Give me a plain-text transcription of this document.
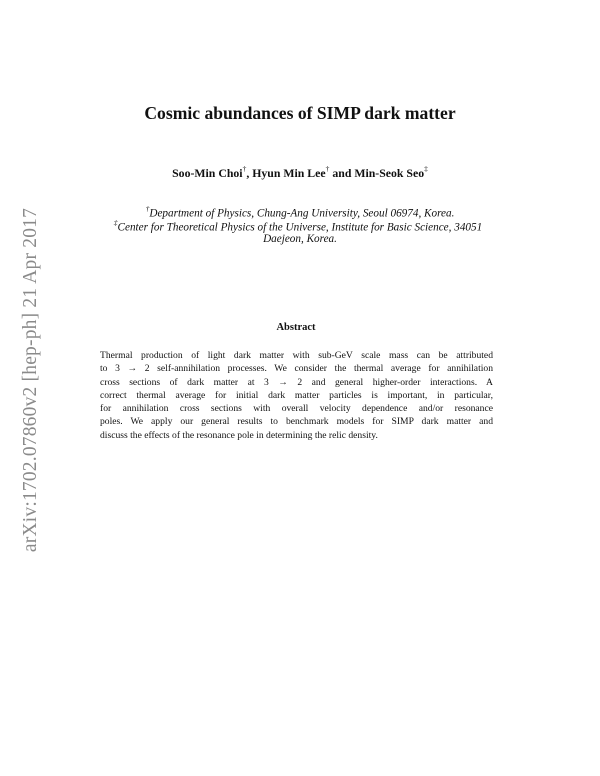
arXiv:1702.07860v2 [hep-ph] 21 Apr 2017
Cosmic abundances of SIMP dark matter
Soo-Min Choi†, Hyun Min Lee† and Min-Seok Seo‡
†Department of Physics, Chung-Ang University, Seoul 06974, Korea.
‡Center for Theoretical Physics of the Universe, Institute for Basic Science, 34051
Daejeon, Korea.
Abstract
Thermal production of light dark matter with sub-GeV scale mass can be attributed
to 3 → 2 self-annihilation processes. We consider the thermal average for annihilation
cross sections of dark matter at 3 → 2 and general higher-order interactions. A
correct thermal average for initial dark matter particles is important, in particular,
for annihilation cross sections with overall velocity dependence and/or resonance
poles. We apply our general results to benchmark models for SIMP dark matter and
discuss the effects of the resonance pole in determining the relic density.
